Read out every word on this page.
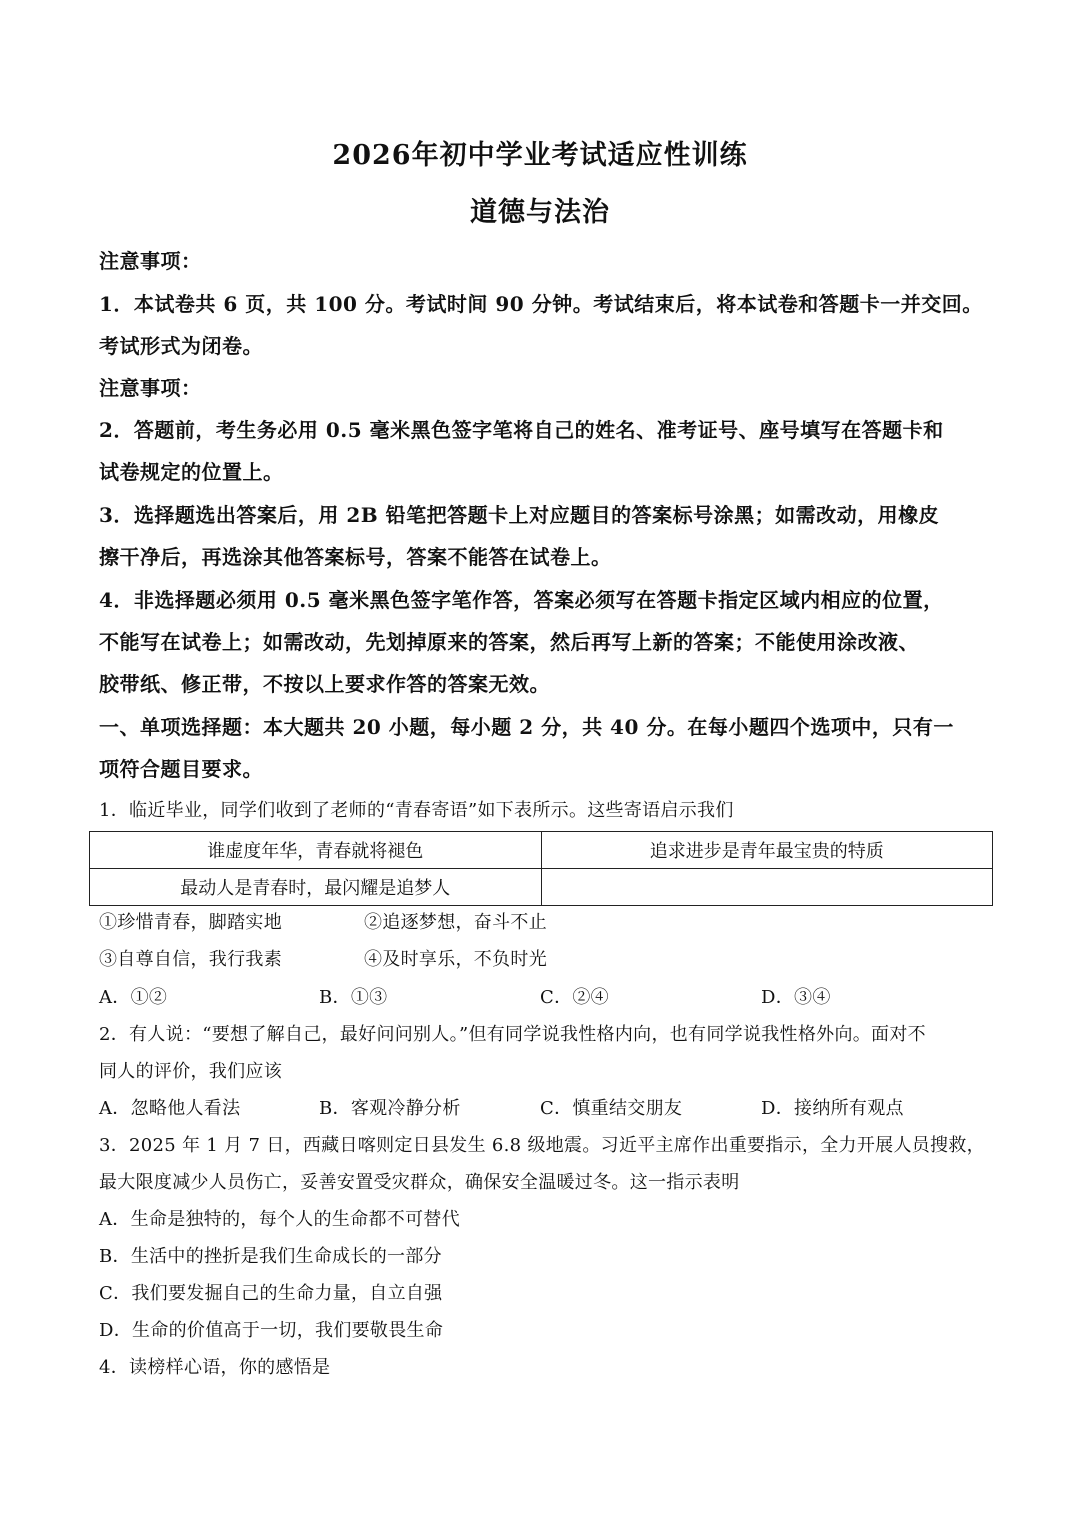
2026年初中学业考试适应性训练
道德与法治
注意事项：
1．本试卷共 6 页，共 100 分。考试时间 90 分钟。考试结束后，将本试卷和答题卡一并交回。
考试形式为闭卷。
注意事项：
2．答题前，考生务必用 0.5 毫米黑色签字笔将自己的姓名、准考证号、座号填写在答题卡和
试卷规定的位置上。
3．选择题选出答案后，用 2B 铅笔把答题卡上对应题目的答案标号涂黑；如需改动，用橡皮
擦干净后，再选涂其他答案标号，答案不能答在试卷上。
4．非选择题必须用 0.5 毫米黑色签字笔作答，答案必须写在答题卡指定区域内相应的位置，
不能写在试卷上；如需改动，先划掉原来的答案，然后再写上新的答案；不能使用涂改液、
胶带纸、修正带，不按以上要求作答的答案无效。
一、单项选择题：本大题共 20 小题，每小题 2 分，共 40 分。在每小题四个选项中，只有一
项符合题目要求。
1．临近毕业，同学们收到了老师的“青春寄语”如下表所示。这些寄语启示我们
谁虚度年华，青春就将褪色	追求进步是青年最宝贵的特质
最动人是青春时，最闪耀是追梦人	
①珍惜青春，脚踏实地	②追逐梦想，奋斗不止
③自尊自信，我行我素	④及时享乐，不负时光
A．①②	B．①③	C．②④	D．③④
2．有人说：“要想了解自己，最好问问别人。”但有同学说我性格内向，也有同学说我性格外向。面对不
同人的评价，我们应该
A．忽略他人看法	B．客观冷静分析	C．慎重结交朋友	D．接纳所有观点
3．2025 年 1 月 7 日，西藏日喀则定日县发生 6.8 级地震。习近平主席作出重要指示，全力开展人员搜救，
最大限度减少人员伤亡，妥善安置受灾群众，确保安全温暖过冬。这一指示表明
A．生命是独特的，每个人的生命都不可替代
B．生活中的挫折是我们生命成长的一部分
C．我们要发掘自己的生命力量，自立自强
D．生命的价值高于一切，我们要敬畏生命
4．读榜样心语，你的感悟是
